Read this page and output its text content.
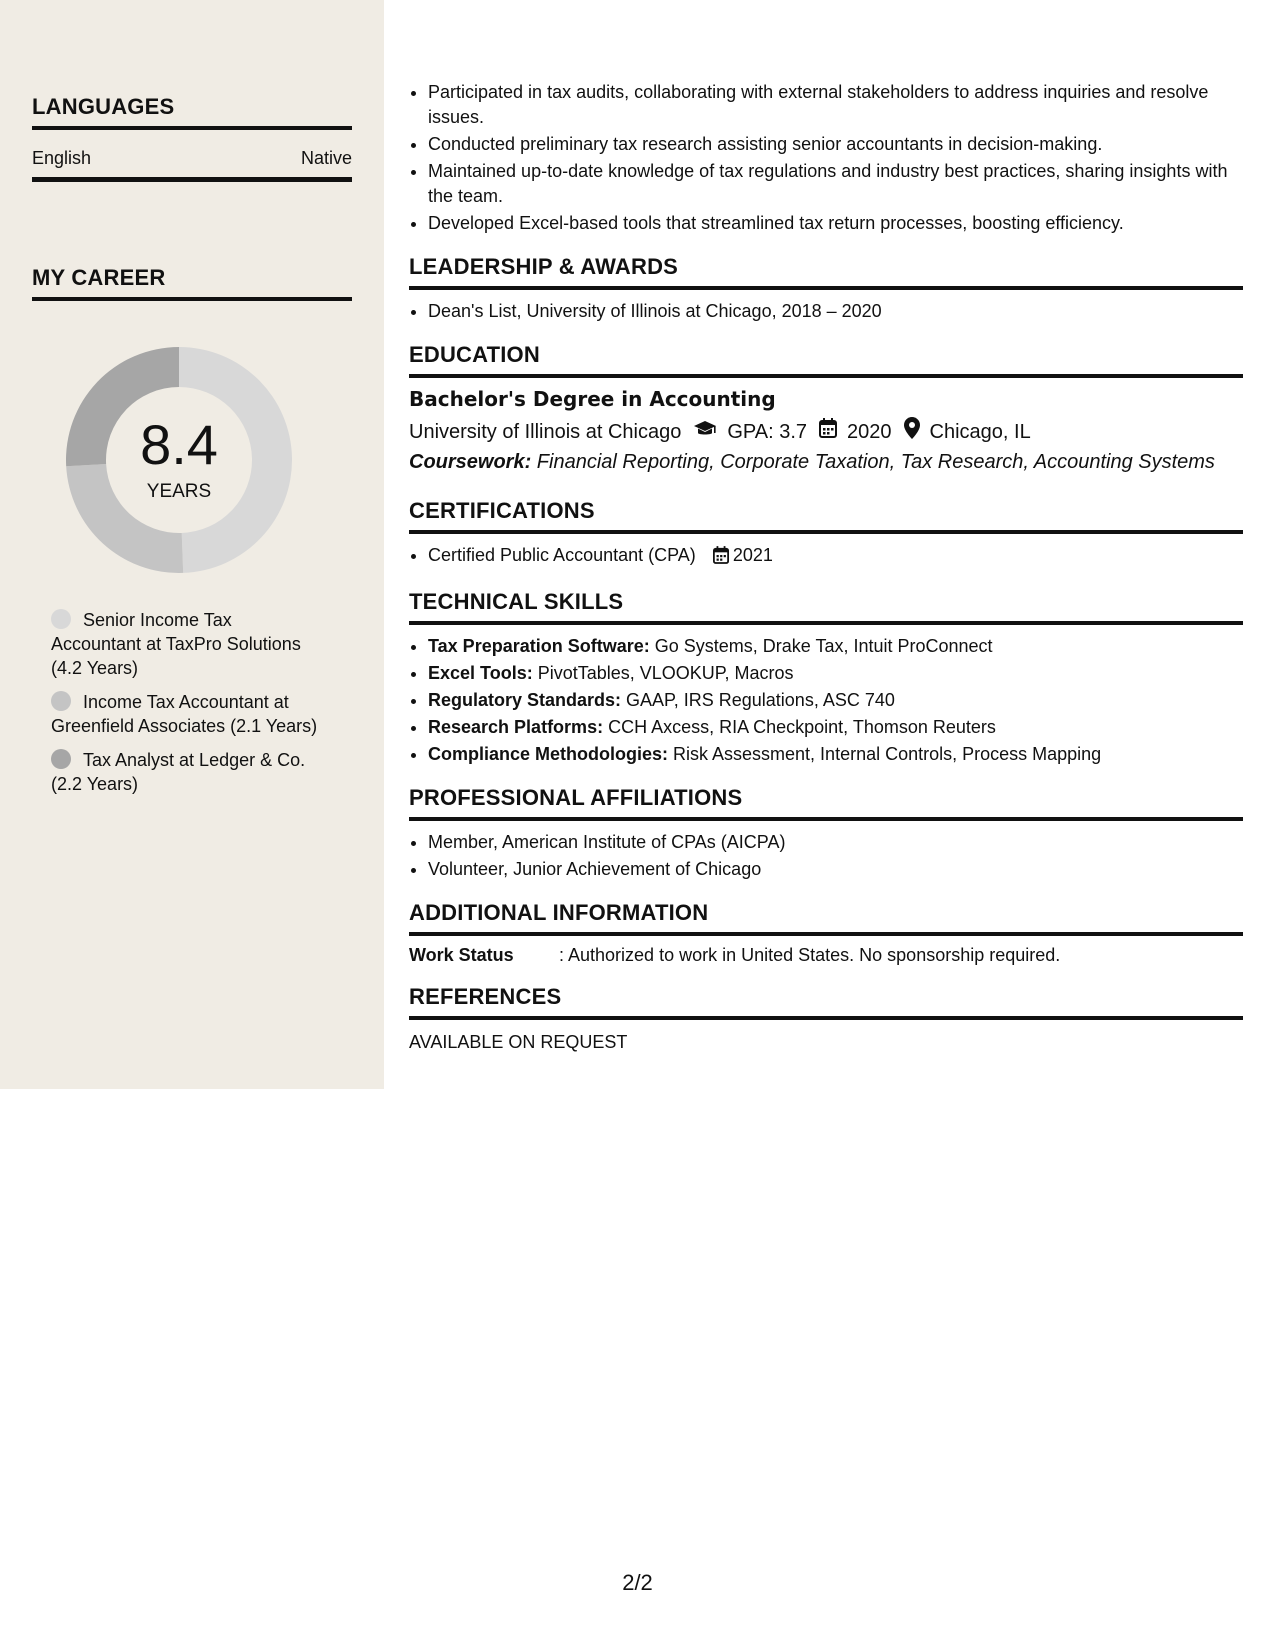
LANGUAGES
English	Native
MY CAREER
8.4
YEARS
Senior Income Tax Accountant at TaxPro Solutions (4.2 Years)
Income Tax Accountant at Greenfield Associates (2.1 Years)
Tax Analyst at Ledger & Co. (2.2 Years)
• Participated in tax audits, collaborating with external stakeholders to address inquiries and resolve issues.
• Conducted preliminary tax research assisting senior accountants in decision-making.
• Maintained up-to-date knowledge of tax regulations and industry best practices, sharing insights with the team.
• Developed Excel-based tools that streamlined tax return processes, boosting efficiency.
LEADERSHIP & AWARDS
• Dean's List, University of Illinois at Chicago, 2018 – 2020
EDUCATION
Bachelor's Degree in Accounting
University of Illinois at Chicago GPA: 3.7 2020 Chicago, IL
Coursework: Financial Reporting, Corporate Taxation, Tax Research, Accounting Systems
CERTIFICATIONS
• Certified Public Accountant (CPA) 2021
TECHNICAL SKILLS
• Tax Preparation Software: Go Systems, Drake Tax, Intuit ProConnect
• Excel Tools: PivotTables, VLOOKUP, Macros
• Regulatory Standards: GAAP, IRS Regulations, ASC 740
• Research Platforms: CCH Axcess, RIA Checkpoint, Thomson Reuters
• Compliance Methodologies: Risk Assessment, Internal Controls, Process Mapping
PROFESSIONAL AFFILIATIONS
• Member, American Institute of CPAs (AICPA)
• Volunteer, Junior Achievement of Chicago
ADDITIONAL INFORMATION
Work Status	: Authorized to work in United States. No sponsorship required.
REFERENCES
AVAILABLE ON REQUEST
2/2
